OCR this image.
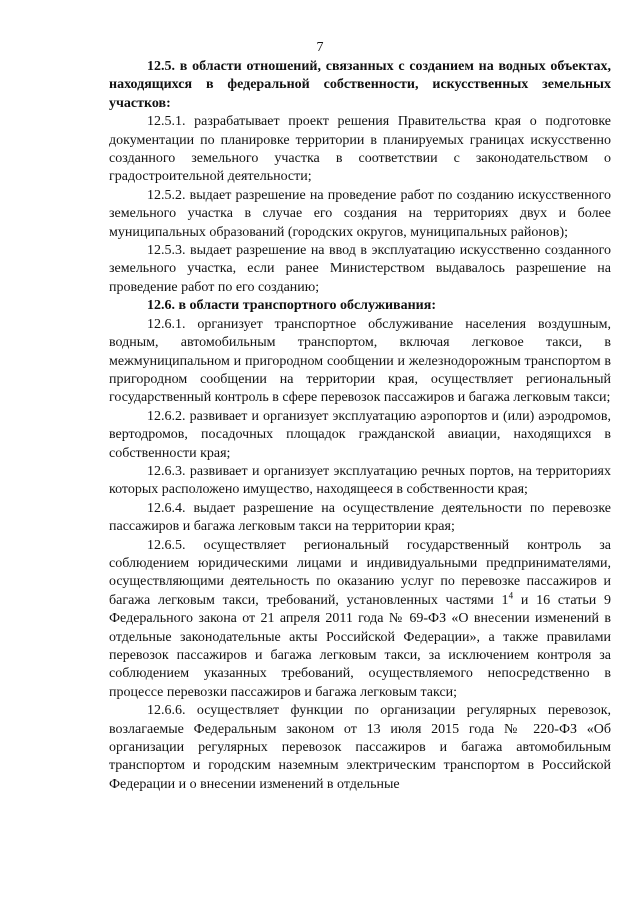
7

12.5. в области отношений, связанных с созданием на водных объектах, находящихся в федеральной собственности, искусственных земельных участков:

12.5.1. разрабатывает проект решения Правительства края о подготовке документации по планировке территории в планируемых границах искусственно созданного земельного участка в соответствии с законодательством о градостроительной деятельности;

12.5.2. выдает разрешение на проведение работ по созданию искусственного земельного участка в случае его создания на территориях двух и более муниципальных образований (городских округов, муниципальных районов);

12.5.3. выдает разрешение на ввод в эксплуатацию искусственно созданного земельного участка, если ранее Министерством выдавалось разрешение на проведение работ по его созданию;

12.6. в области транспортного обслуживания:

12.6.1. организует транспортное обслуживание населения воздушным, водным, автомобильным транспортом, включая легковое такси, в межмуниципальном и пригородном сообщении и железнодорожным транспортом в пригородном сообщении на территории края, осуществляет региональный государственный контроль в сфере перевозок пассажиров и багажа легковым такси;

12.6.2. развивает и организует эксплуатацию аэропортов и (или) аэродромов, вертодромов, посадочных площадок гражданской авиации, находящихся в собственности края;

12.6.3. развивает и организует эксплуатацию речных портов, на территориях которых расположено имущество, находящееся в собственности края;

12.6.4. выдает разрешение на осуществление деятельности по перевозке пассажиров и багажа легковым такси на территории края;

12.6.5. осуществляет региональный государственный контроль за соблюдением юридическими лицами и индивидуальными предпринимателями, осуществляющими деятельность по оказанию услуг по перевозке пассажиров и багажа легковым такси, требований, установленных частями $1^4$ и 16 статьи 9 Федерального закона от 21 апреля 2011 года № 69-ФЗ «О внесении изменений в отдельные законодательные акты Российской Федерации», а также правилами перевозок пассажиров и багажа легковым такси, за исключением контроля за соблюдением указанных требований, осуществляемого непосредственно в процессе перевозки пассажиров и багажа легковым такси;

12.6.6. осуществляет функции по организации регулярных перевозок, возлагаемые Федеральным законом от 13 июля 2015 года № 220-ФЗ «Об организации регулярных перевозок пассажиров и багажа автомобильным транспортом и городским наземным электрическим транспортом в Российской Федерации и о внесении изменений в отдельные
